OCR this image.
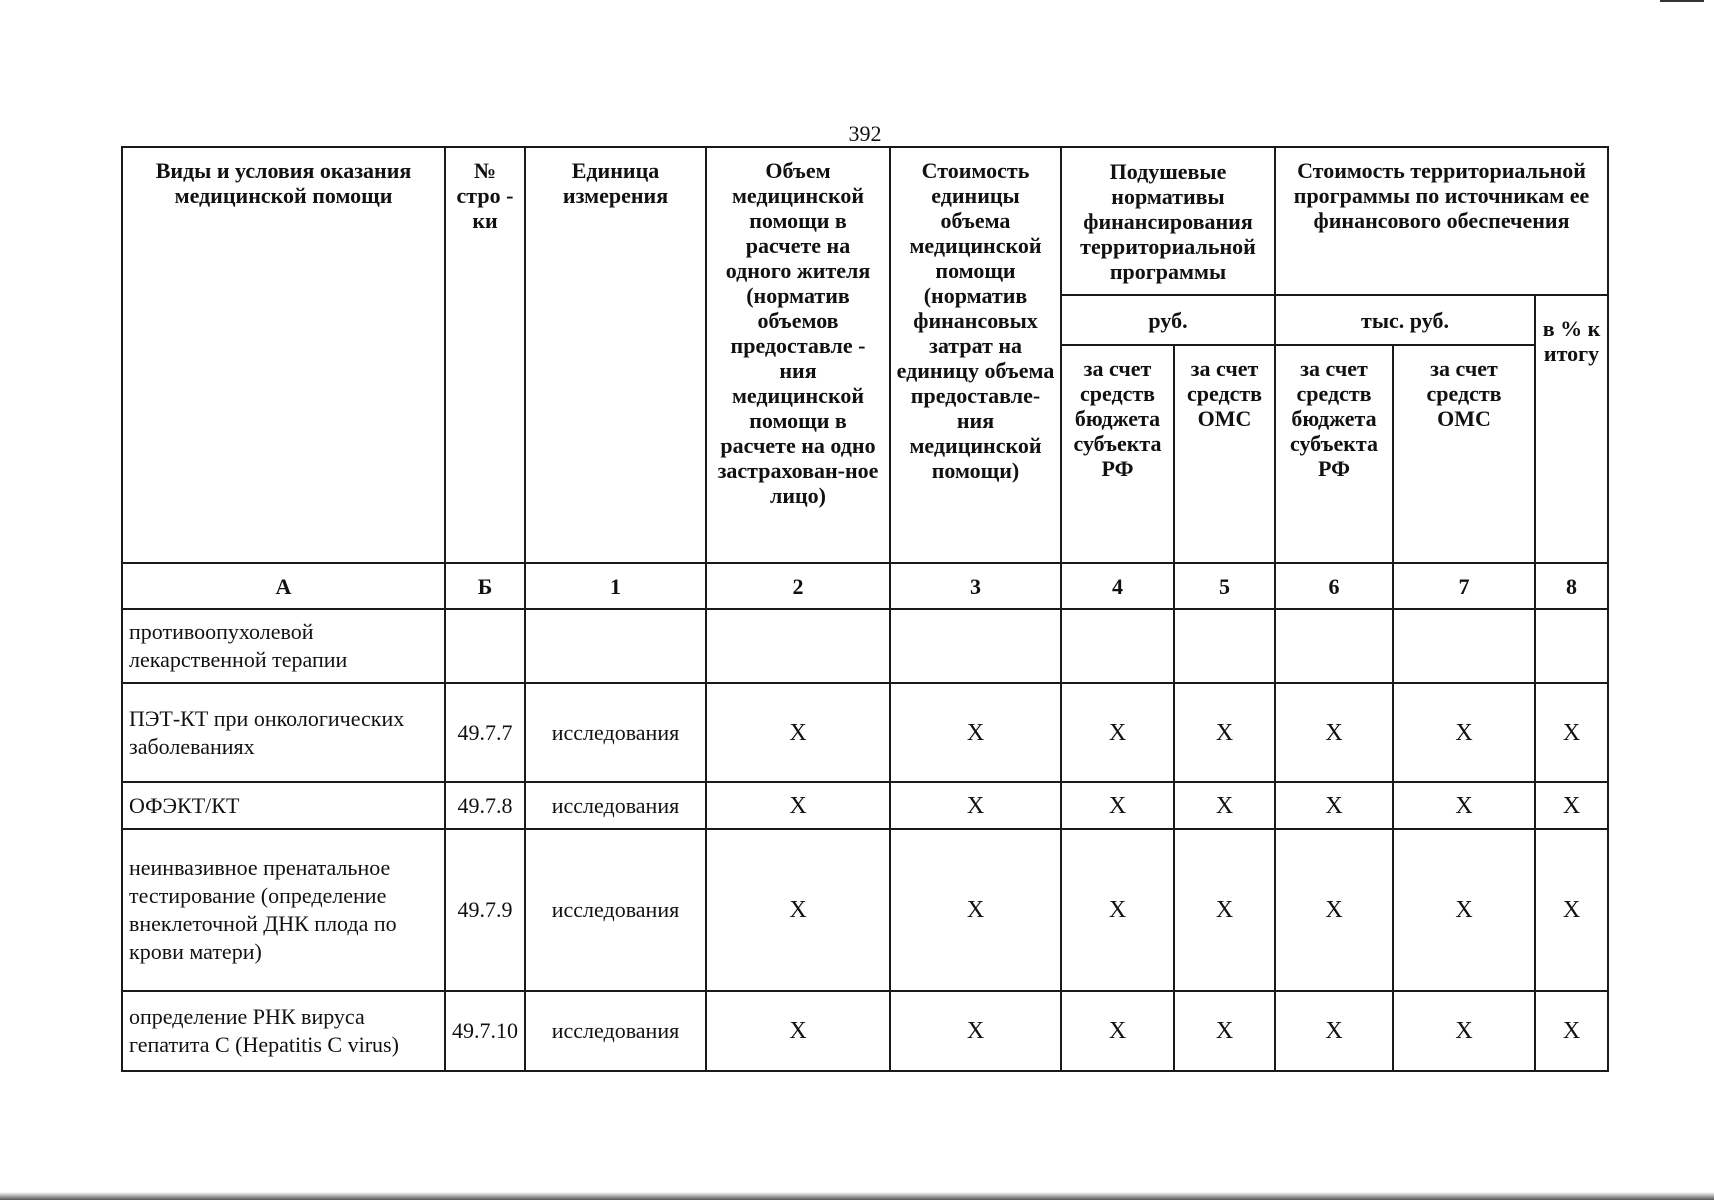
392
Виды и условия оказания медицинской помощи	№ стро - ки	Единица измерения	Объем медицинской помощи в расчете на одного жителя (норматив объемов предоставле - ния медицинской помощи в расчете на одно застрахован-ное лицо)	Стоимость единицы объема медицинской помощи (норматив финансовых затрат на единицу объема предоставле-ния медицинской помощи)	Подушевые нормативы финансирования территориальной программы		Стоимость территориальной программы по источникам ее финансового обеспечения		
					руб.		тыс. руб.		в % к итогу
					за счет средств бюджета субъекта РФ	за счет средств ОМС	за счет средств бюджета субъекта РФ	за счет средств ОМС	
А	Б	1	2	3	4	5	6	7	8
противоопухолевой лекарственной терапии									
ПЭТ-КТ при онкологических заболеваниях	49.7.7	исследования	Х	Х	Х	Х	Х	Х	Х
ОФЭКТ/КТ	49.7.8	исследования	Х	Х	Х	Х	Х	Х	Х
неинвазивное пренатальное тестирование (определение внеклеточной ДНК плода по крови матери)	49.7.9	исследования	Х	Х	Х	Х	Х	Х	Х
определение РНК вируса гепатита С (Hepatitis C virus)	49.7.10	исследования	Х	Х	Х	Х	Х	Х	Х
